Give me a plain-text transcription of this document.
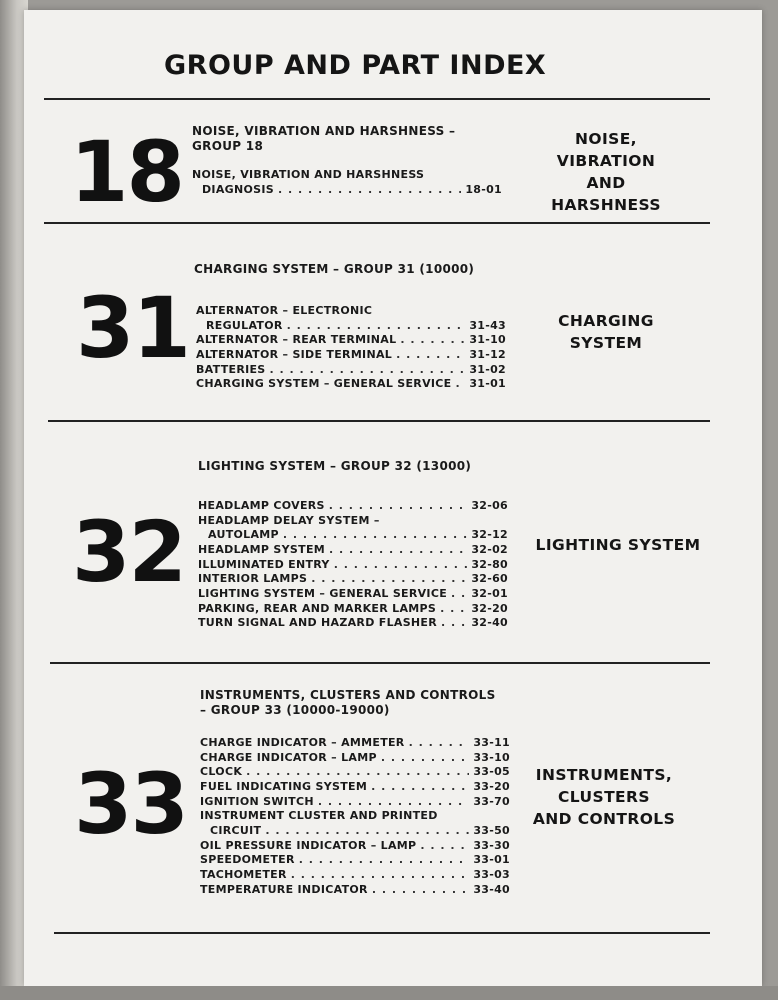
GROUP AND PART INDEX
18 NOISE, VIBRATION AND HARSHNESS –
GROUP 18
NOISE, VIBRATION AND HARSHNESS
DIAGNOSIS . . .	18-01
NOISE,
VIBRATION
AND
HARSHNESS
CHARGING SYSTEM – GROUP 31 (10000)
31 ALTERNATOR – ELECTRONIC
REGULATOR . . .	31-43
ALTERNATOR – REAR TERMINAL . . .	31-10
ALTERNATOR – SIDE TERMINAL . . .	31-12
BATTERIES . . .	31-02
CHARGING SYSTEM – GENERAL SERVICE . . . 31-01
CHARGING
SYSTEM
LIGHTING SYSTEM – GROUP 32 (13000)
32 HEADLAMP COVERS . . .	32-06
HEADLAMP DELAY SYSTEM –
AUTOLAMP . . .	32-12
HEADLAMP SYSTEM . . .	32-02
ILLUMINATED ENTRY . . .	32-80
INTERIOR LAMPS . . .	32-60
LIGHTING SYSTEM – GENERAL SERVICE . . . 32-01
PARKING, REAR AND MARKER LAMPS . . .	32-20
TURN SIGNAL AND HAZARD FLASHER . . .	32-40
LIGHTING SYSTEM
INSTRUMENTS, CLUSTERS AND CONTROLS
– GROUP 33 (10000-19000)
33
CHARGE INDICATOR – AMMETER . . .	33-11
CHARGE INDICATOR – LAMP . . .	33-10
CLOCK . . .	33-05
FUEL INDICATING SYSTEM . . .	33-20
IGNITION SWITCH . . .	33-70
INSTRUMENT CLUSTER AND PRINTED
CIRCUIT . . .	33-50
OIL PRESSURE INDICATOR – LAMP . . .	33-30
SPEEDOMETER . . .	33-01
TACHOMETER . . .	33-03
TEMPERATURE INDICATOR . . .	33-40
INSTRUMENTS,
CLUSTERS
AND CONTROLS
